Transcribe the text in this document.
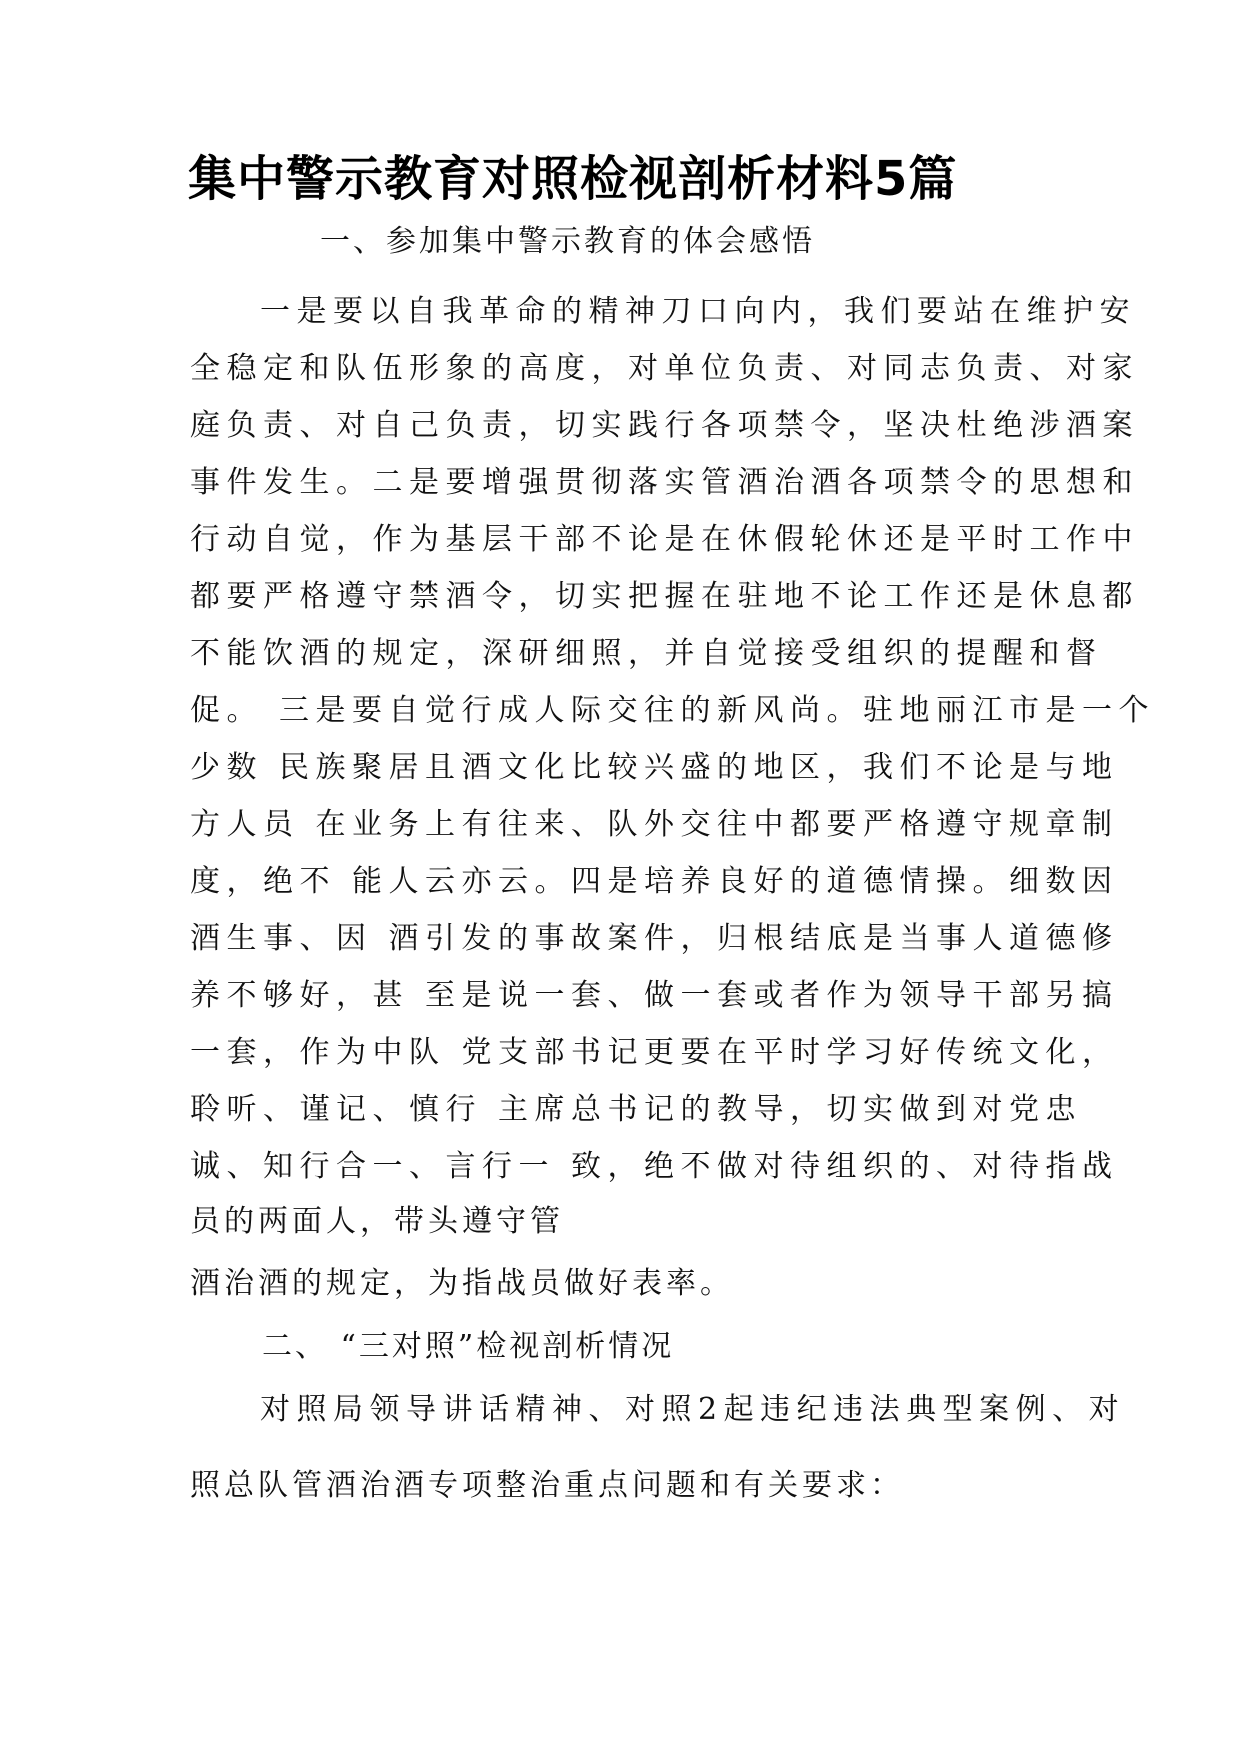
集中警示教育对照检视剖析材料5篇

一、参加集中警示教育的体会感悟

一是要以自我革命的精神刀口向内，我们要站在维护安

全稳定和队伍形象的高度，对单位负责、对同志负责、对家

庭负责、对自己负责，切实践行各项禁令，坚决杜绝涉酒案

事件发生。二是要增强贯彻落实管酒治酒各项禁令的思想和

行动自觉，作为基层干部不论是在休假轮休还是平时工作中

都要严格遵守禁酒令，切实把握在驻地不论工作还是休息都

不能饮酒的规定，深研细照，并自觉接受组织的提醒和督

促。 三是要自觉行成人际交往的新风尚。驻地丽江市是一个

少数 民族聚居且酒文化比较兴盛的地区，我们不论是与地

方人员 在业务上有往来、队外交往中都要严格遵守规章制

度，绝不 能人云亦云。四是培养良好的道德情操。细数因

酒生事、因 酒引发的事故案件，归根结底是当事人道德修

养不够好，甚 至是说一套、做一套或者作为领导干部另搞

一套，作为中队 党支部书记更要在平时学习好传统文化，

聆听、谨记、慎行 主席总书记的教导，切实做到对党忠

诚、知行合一、言行一 致，绝不做对待组织的、对待指战

员的两面人，带头遵守管

酒治酒的规定，为指战员做好表率。

二、 “三对照”检视剖析情况

对照局领导讲话精神、对照2起违纪违法典型案例、对

照总队管酒治酒专项整治重点问题和有关要求：
